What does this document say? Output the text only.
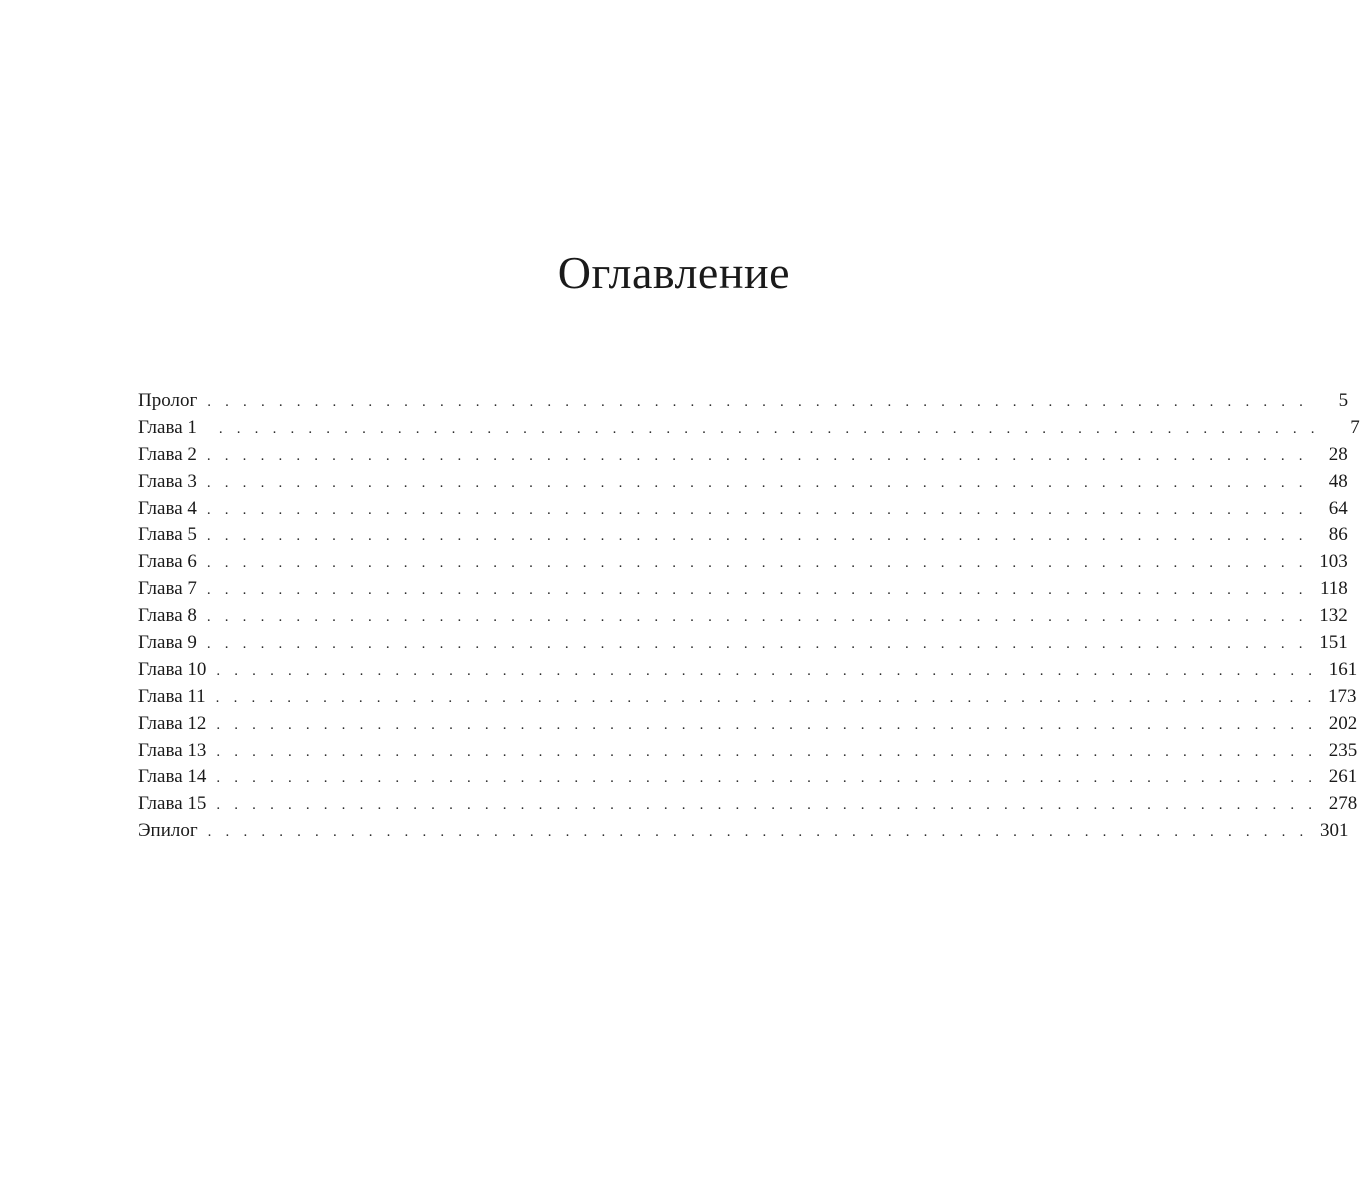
Оглавление
Пролог . . . . . . . . . . . . . . . . . . . . . . . . . . . . . . . . . . . . . . . . . . . . . . . . . . . . . . . . . . . . . .	5
Глава 1 . . . . . . . . . . . . . . . . . . . . . . . . . . . . . . . . . . . . . . . . . . . . . . . . . . . . . . . . . . . . . .	7
Глава 2 . . . . . . . . . . . . . . . . . . . . . . . . . . . . . . . . . . . . . . . . . . . . . . . . . . . . . . . . . . . . . .	28
Глава 3 . . . . . . . . . . . . . . . . . . . . . . . . . . . . . . . . . . . . . . . . . . . . . . . . . . . . . . . . . . . . . .	48
Глава 4 . . . . . . . . . . . . . . . . . . . . . . . . . . . . . . . . . . . . . . . . . . . . . . . . . . . . . . . . . . . . . .	64
Глава 5 . . . . . . . . . . . . . . . . . . . . . . . . . . . . . . . . . . . . . . . . . . . . . . . . . . . . . . . . . . . . . .	86
Глава 6 . . . . . . . . . . . . . . . . . . . . . . . . . . . . . . . . . . . . . . . . . . . . . . . . . . . . . . . . . . . . . . 103
Глава 7 . . . . . . . . . . . . . . . . . . . . . . . . . . . . . . . . . . . . . . . . . . . . . . . . . . . . . . . . . . . . . . 118
Глава 8 . . . . . . . . . . . . . . . . . . . . . . . . . . . . . . . . . . . . . . . . . . . . . . . . . . . . . . . . . . . . . . 132
Глава 9 . . . . . . . . . . . . . . . . . . . . . . . . . . . . . . . . . . . . . . . . . . . . . . . . . . . . . . . . . . . . . . 151
Глава 10 . . . . . . . . . . . . . . . . . . . . . . . . . . . . . . . . . . . . . . . . . . . . . . . . . . . . . . . . . . . . . . 161
Глава 11 . . . . . . . . . . . . . . . . . . . . . . . . . . . . . . . . . . . . . . . . . . . . . . . . . . . . . . . . . . . . . . 173
Глава 12 . . . . . . . . . . . . . . . . . . . . . . . . . . . . . . . . . . . . . . . . . . . . . . . . . . . . . . . . . . . . . . 202
Глава 13 . . . . . . . . . . . . . . . . . . . . . . . . . . . . . . . . . . . . . . . . . . . . . . . . . . . . . . . . . . . . . . 235
Глава 14 . . . . . . . . . . . . . . . . . . . . . . . . . . . . . . . . . . . . . . . . . . . . . . . . . . . . . . . . . . . . . . 261
Глава 15 . . . . . . . . . . . . . . . . . . . . . . . . . . . . . . . . . . . . . . . . . . . . . . . . . . . . . . . . . . . . . . 278
Эпилог . . . . . . . . . . . . . . . . . . . . . . . . . . . . . . . . . . . . . . . . . . . . . . . . . . . . . . . . . . . . . . 301
